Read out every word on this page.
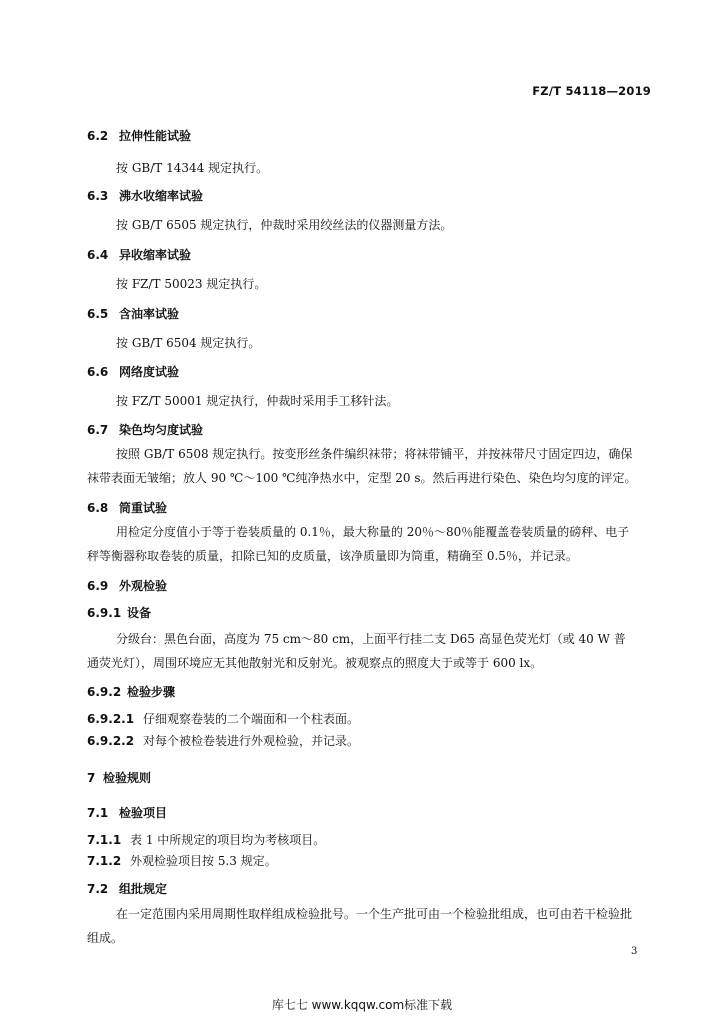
FZ/T 54118—2019
6.2 拉伸性能试验
按 GB/T 14344 规定执行。
6.3 沸水收缩率试验
按 GB/T 6505 规定执行，仲裁时采用绞丝法的仪器测量方法。
6.4 异收缩率试验
按 FZ/T 50023 规定执行。
6.5 含油率试验
按 GB/T 6504 规定执行。
6.6 网络度试验
按 FZ/T 50001 规定执行，仲裁时采用手工移针法。
6.7 染色均匀度试验
按照 GB/T 6508 规定执行。按变形丝条件编织袜带；将袜带铺平，并按袜带尺寸固定四边，确保袜带表面无皱缩；放人 90 ℃～100 ℃纯净热水中，定型 20 s。然后再进行染色、染色均匀度的评定。
6.8 筒重试验
用检定分度值小于等于卷装质量的 0.1％，最大称量的 20％～80％能覆盖卷装质量的磅秤、电子秤等衡器称取卷装的质量，扣除已知的皮质量，该净质量即为筒重，精确至 0.5％，并记录。
6.9 外观检验
6.9.1 设备
分级台：黑色台面，高度为 75 cm～80 cm，上面平行挂二支 D65 高显色荧光灯（或 40 W 普通荧光灯），周围环境应无其他散射光和反射光。被观察点的照度大于或等于 600 lx。
6.9.2 检验步骤
6.9.2.1 仔细观察卷装的二个端面和一个柱表面。
6.9.2.2 对每个被检卷装进行外观检验，并记录。
7 检验规则
7.1 检验项目
7.1.1 表 1 中所规定的项目均为考核项目。
7.1.2 外观检验项目按 5.3 规定。
7.2 组批规定
在一定范围内采用周期性取样组成检验批号。一个生产批可由一个检验批组成，也可由若干检验批组成。
3
库七七 www.kqqw.com标准下载
